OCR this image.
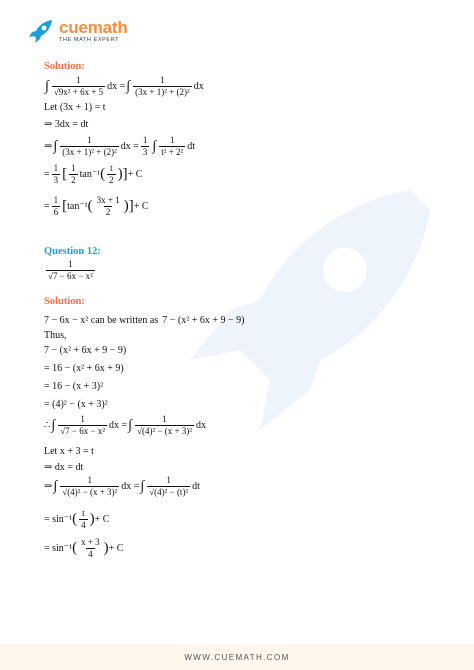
cuemath
THE MATH EXPERT
Solution:
∫ $\frac{1}{\text{√9x² + 6x + 5}}$ dx = ∫ $\frac{1}{\text{(3x + 1)² + (2)²}}$ dx
Let (3x + 1) = t
⇒ 3dx = dt
⇒ ∫ $\frac{1}{\text{(3x + 1)² + (2)²}}$ dx = $\frac{1}{3}$ ∫ $\frac{1}{\text{t² + 2²}}$ dt
= $\frac{1}{3}$ [ $\frac{1}{2} \tan^{-1}$ ( $\frac{t}{2}$ ) ] + C
= $\frac{1}{6}$ [ tan⁻¹ ( $\frac{3x + 1}{2}$ ) ] + C
Question 12:
$\frac{1}{\text{√7 − 6x − x²}}$
Solution:
7 − 6x − x² can be written as 7 − (x² + 6x + 9 − 9)
Thus,
7 − (x² + 6x + 9 − 9)
= 16 − (x² + 6x + 9)
= 16 − (x + 3)²
= (4)² − (x + 3)²
∴ ∫ $\frac{1}{\text{√7 − 6x − x²}}$ dx = ∫ $\frac{1}{\text{√(4)² − (x + 3)²}}$ dx
Let x + 3 = t
⇒ dx = dt
⇒ ∫ $\frac{1}{\text{√(4)² − (x + 3)²}}$ dx = ∫ $\frac{1}{\text{√(4)² − (t)²}}$ dt
= sin⁻¹ ( $\frac{t}{4}$ ) + C
= sin⁻¹ ( $\frac{x + 3}{4}$ ) + C
WWW.CUEMATH.COM
